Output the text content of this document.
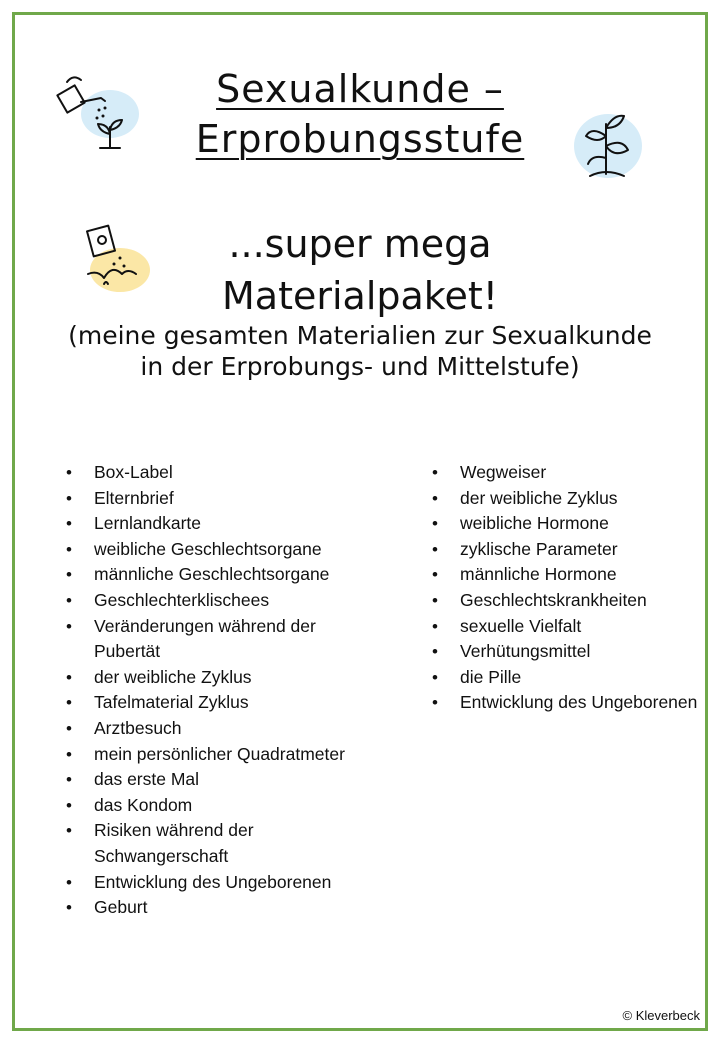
Sexualkunde –
Erprobungsstufe
...super mega
Materialpaket!
(meine gesamten Materialien zur Sexualkunde in der Erprobungs- und Mittelstufe)
• Box-Label
• Elternbrief
• Lernlandkarte
• weibliche Geschlechtsorgane
• männliche Geschlechtsorgane
• Geschlechterklischees
• Veränderungen während der Pubertät
• der weibliche Zyklus
• Tafelmaterial Zyklus
• Arztbesuch
• mein persönlicher Quadratmeter
• das erste Mal
• das Kondom
• Risiken während der Schwangerschaft
• Entwicklung des Ungeborenen
• Geburt
• Wegweiser
• der weibliche Zyklus
• weibliche Hormone
• zyklische Parameter
• männliche Hormone
• Geschlechtskrankheiten
• sexuelle Vielfalt
• Verhütungsmittel
• die Pille
• Entwicklung des Ungeborenen
© Kleverbeck
